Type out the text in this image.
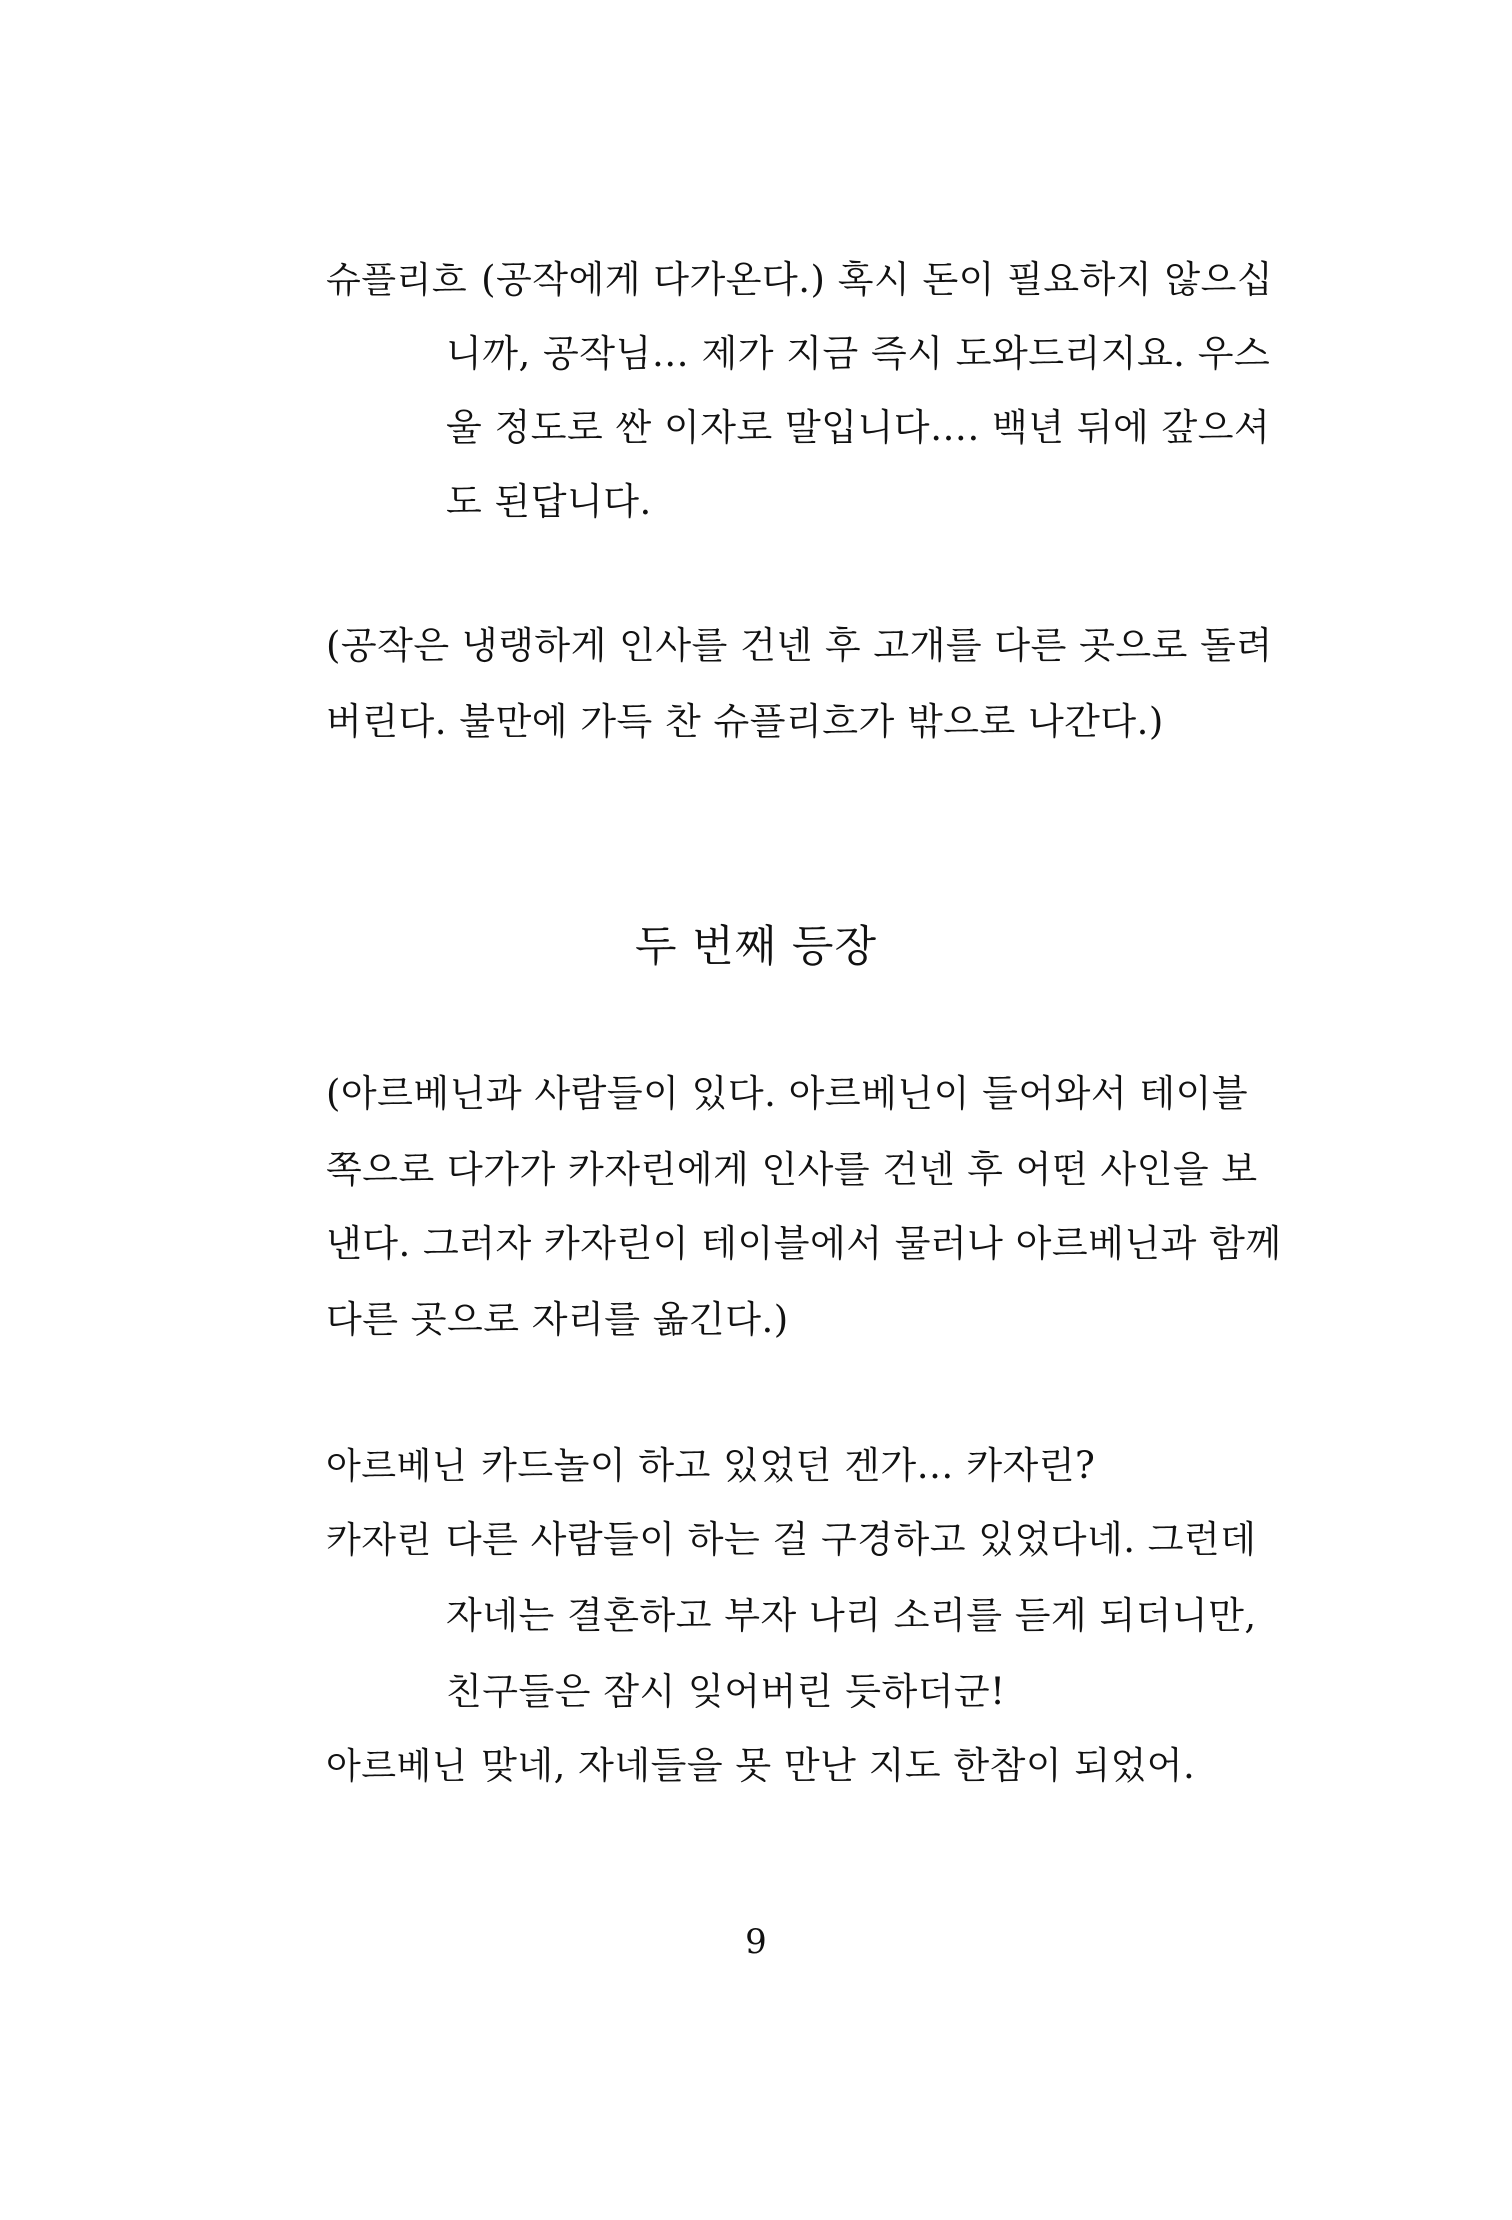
슈플리흐 (공작에게 다가온다.) 혹시 돈이 필요하지 않으십
니까, 공작님… 제가 지금 즉시 도와드리지요. 우스
울 정도로 싼 이자로 말입니다…. 백년 뒤에 갚으셔
도 된답니다.
(공작은 냉랭하게 인사를 건넨 후 고개를 다른 곳으로 돌려
버린다. 불만에 가득 찬 슈플리흐가 밖으로 나간다.)
두 번째 등장
(아르베닌과 사람들이 있다. 아르베닌이 들어와서 테이블
쪽으로 다가가 카자린에게 인사를 건넨 후 어떤 사인을 보
낸다. 그러자 카자린이 테이블에서 물러나 아르베닌과 함께
다른 곳으로 자리를 옮긴다.)
아르베닌 카드놀이 하고 있었던 겐가… 카자린?
카자린 다른 사람들이 하는 걸 구경하고 있었다네. 그런데
자네는 결혼하고 부자 나리 소리를 듣게 되더니만,
친구들은 잠시 잊어버린 듯하더군!
아르베닌 맞네, 자네들을 못 만난 지도 한참이 되었어.
9
